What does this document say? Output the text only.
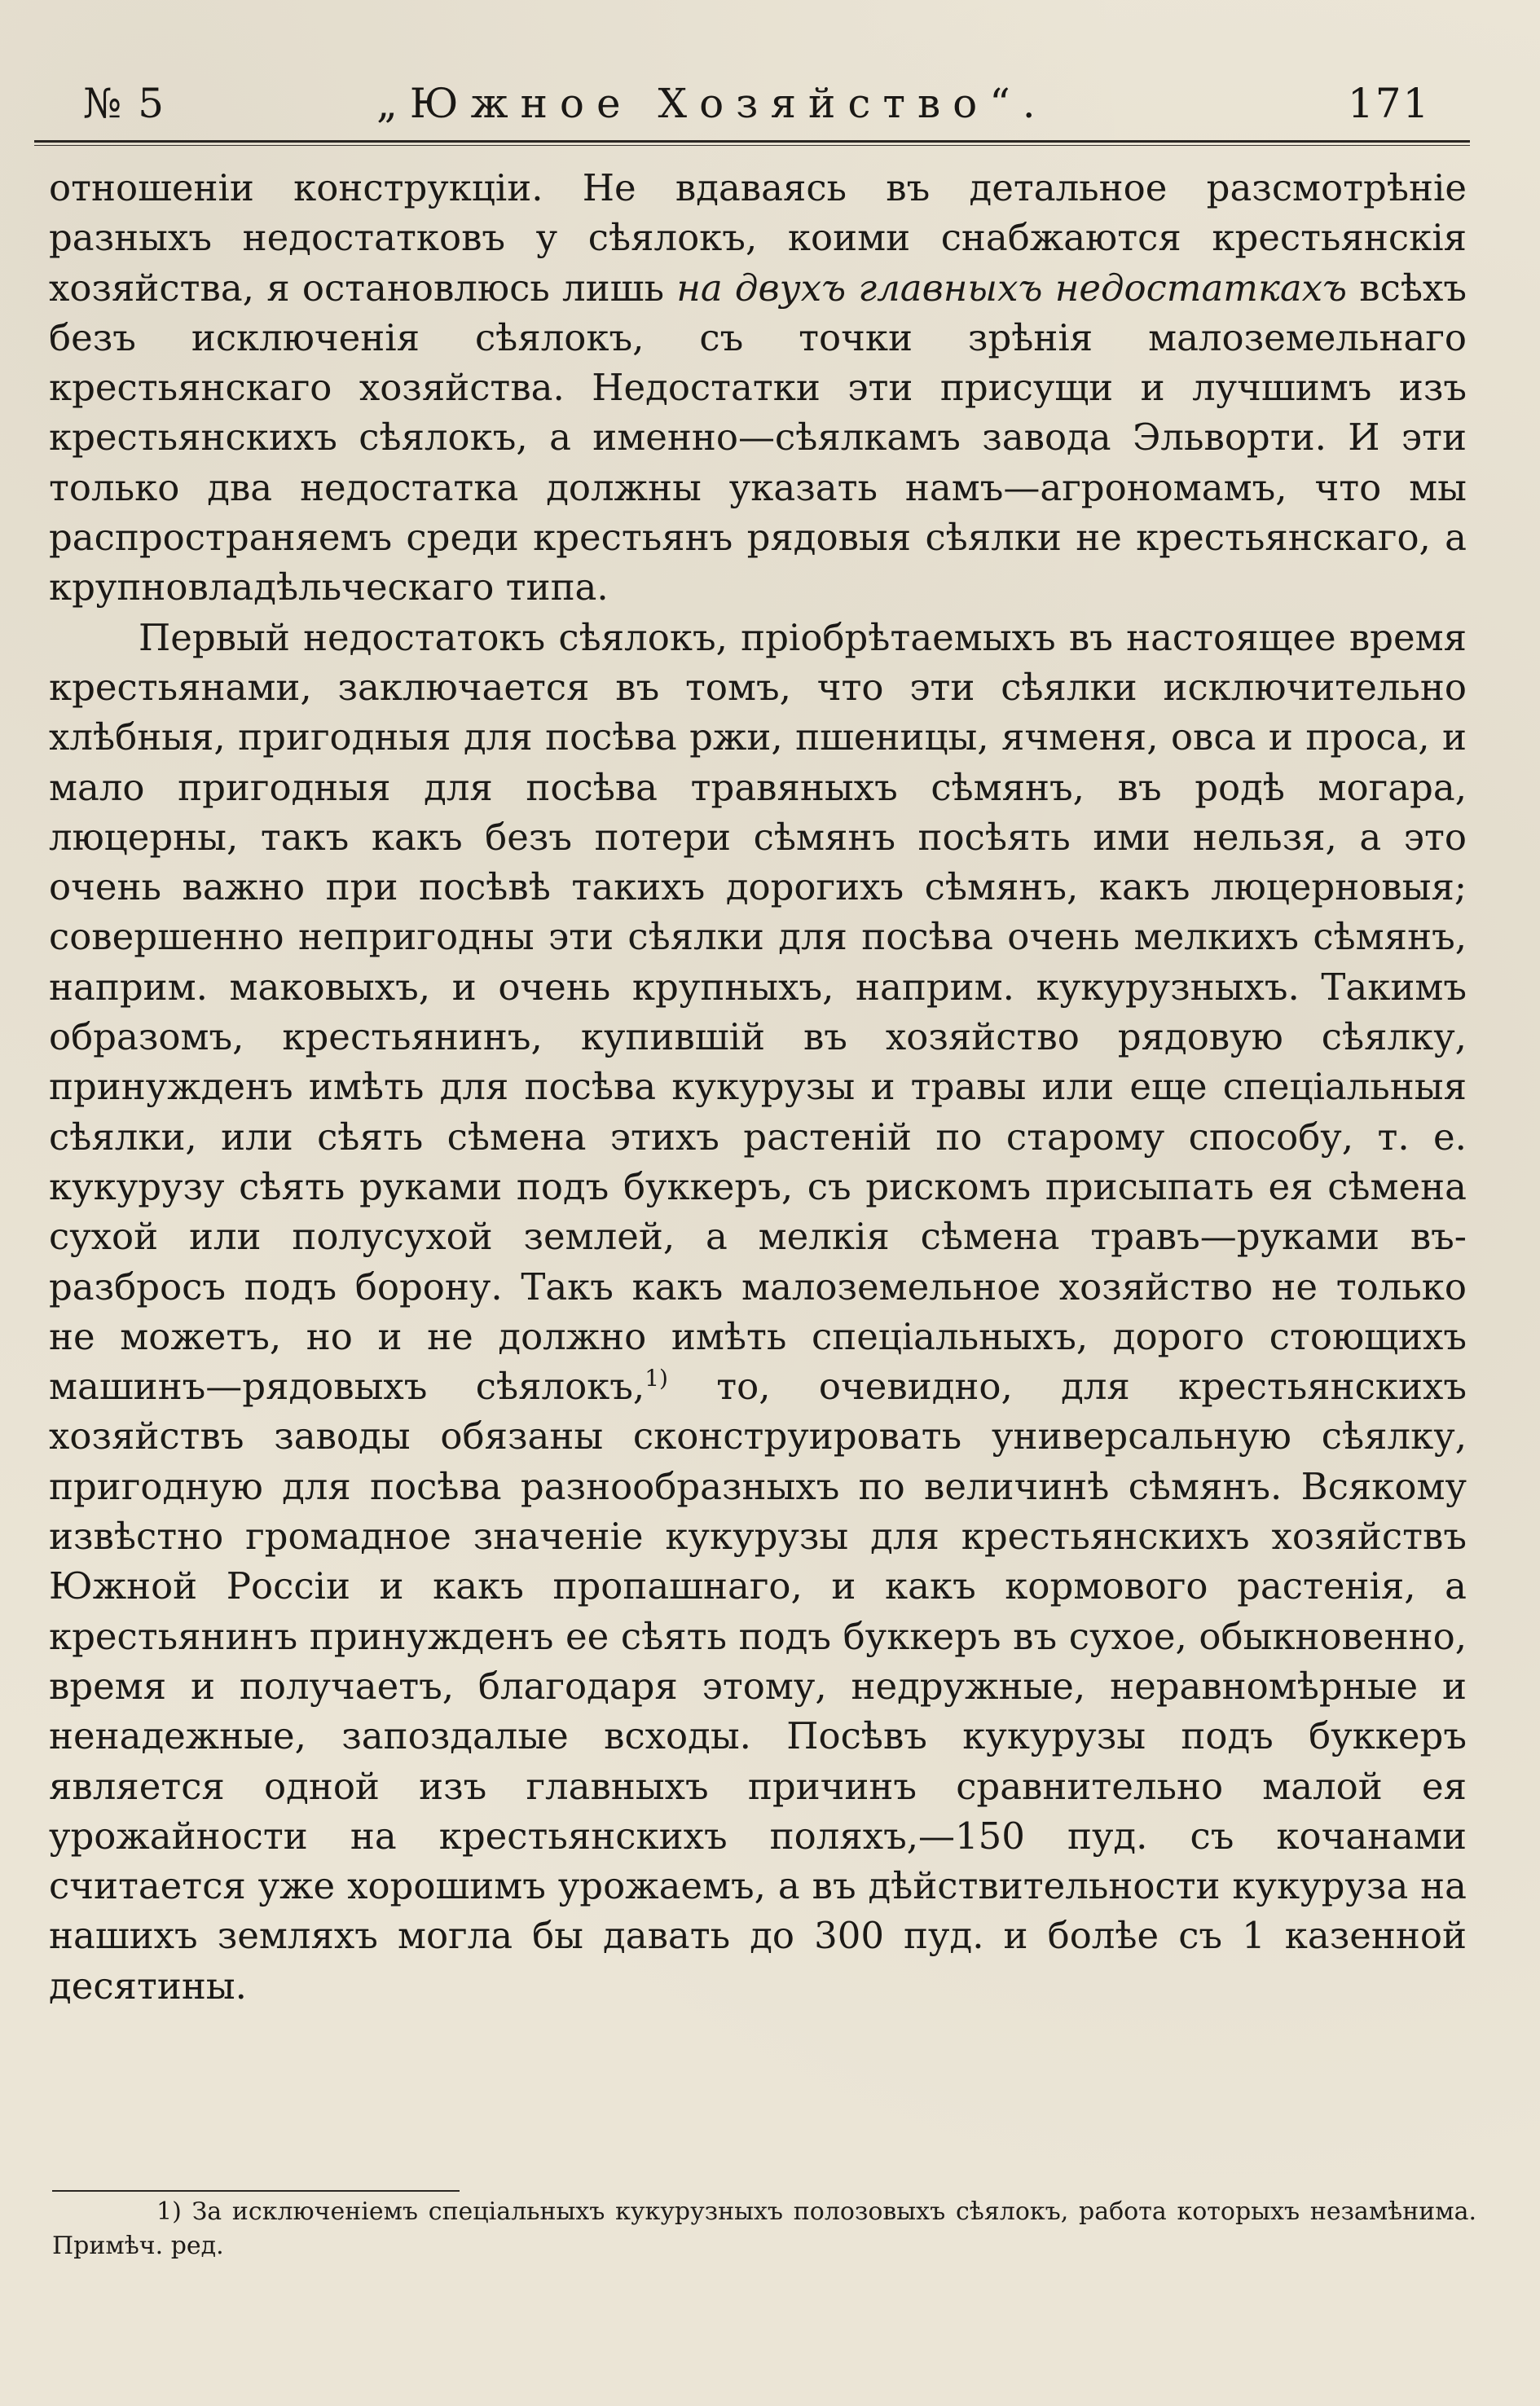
№ 5	„Южное Хозяйство“.	171

отношеніи конструкціи. Не вдаваясь въ детальное разсмотрѣніе разныхъ недостатковъ у сѣялокъ, коими снабжаются крестьянскія хозяйства, я остановлюсь лишь на двухъ главныхъ недостаткахъ всѣхъ безъ исключенія сѣялокъ, съ точки зрѣнія малоземельнаго крестьянскаго хозяйства. Недостатки эти присущи и лучшимъ изъ крестьянскихъ сѣялокъ, а именно—сѣялкамъ завода Эльворти. И эти только два недостатка должны указать намъ—агрономамъ, что мы распространяемъ среди крестьянъ рядовыя сѣялки не крестьянскаго, а крупновладѣльческаго типа.

Первый недостатокъ сѣялокъ, пріобрѣтаемыхъ въ настоящее время крестьянами, заключается въ томъ, что эти сѣялки исключительно хлѣбныя, пригодныя для посѣва ржи, пшеницы, ячменя, овса и проса, и мало пригодныя для посѣва травяныхъ сѣмянъ, въ родѣ могара, люцерны, такъ какъ безъ потери сѣмянъ посѣять ими нельзя, а это очень важно при посѣвѣ такихъ дорогихъ сѣмянъ, какъ люцерновыя; совершенно непригодны эти сѣялки для посѣва очень мелкихъ сѣмянъ, наприм. маковыхъ, и очень крупныхъ, наприм. кукурузныхъ. Такимъ образомъ, крестьянинъ, купившій въ хозяйство рядовую сѣялку, принужденъ имѣть для посѣва кукурузы и травы или еще спеціальныя сѣялки, или сѣять сѣмена этихъ растеній по старому способу, т. е. кукурузу сѣять руками подъ буккеръ, съ рискомъ присыпать ея сѣмена сухой или полусухой землей, а мелкія сѣмена травъ—руками въ-разбросъ подъ борону. Такъ какъ малоземельное хозяйство не только не можетъ, но и не должно имѣть спеціальныхъ, дорого стоющихъ машинъ—рядовыхъ сѣялокъ,$^{1)}$ то, очевидно, для крестьянскихъ хозяйствъ заводы обязаны сконструировать универсальную сѣялку, пригодную для посѣва разнообразныхъ по величинѣ сѣмянъ. Всякому извѣстно громадное значеніе кукурузы для крестьянскихъ хозяйствъ Южной Россіи и какъ пропашнаго, и какъ кормового растенія, а крестьянинъ принужденъ ее сѣять подъ буккеръ въ сухое, обыкновенно, время и получаетъ, благодаря этому, недружные, неравномѣрные и ненадежные, запоздалые всходы. Посѣвъ кукурузы подъ буккеръ является одной изъ главныхъ причинъ сравнительно малой ея урожайности на крестьянскихъ поляхъ,—150 пуд. съ кочанами считается уже хорошимъ урожаемъ, а въ дѣйствительности кукуруза на нашихъ земляхъ могла бы давать до 300 пуд. и болѣе съ 1 казенной десятины.

1) За исключеніемъ спеціальныхъ кукурузныхъ полозовыхъ сѣялокъ, работа которыхъ незамѣнима. Примѣч. ред.
